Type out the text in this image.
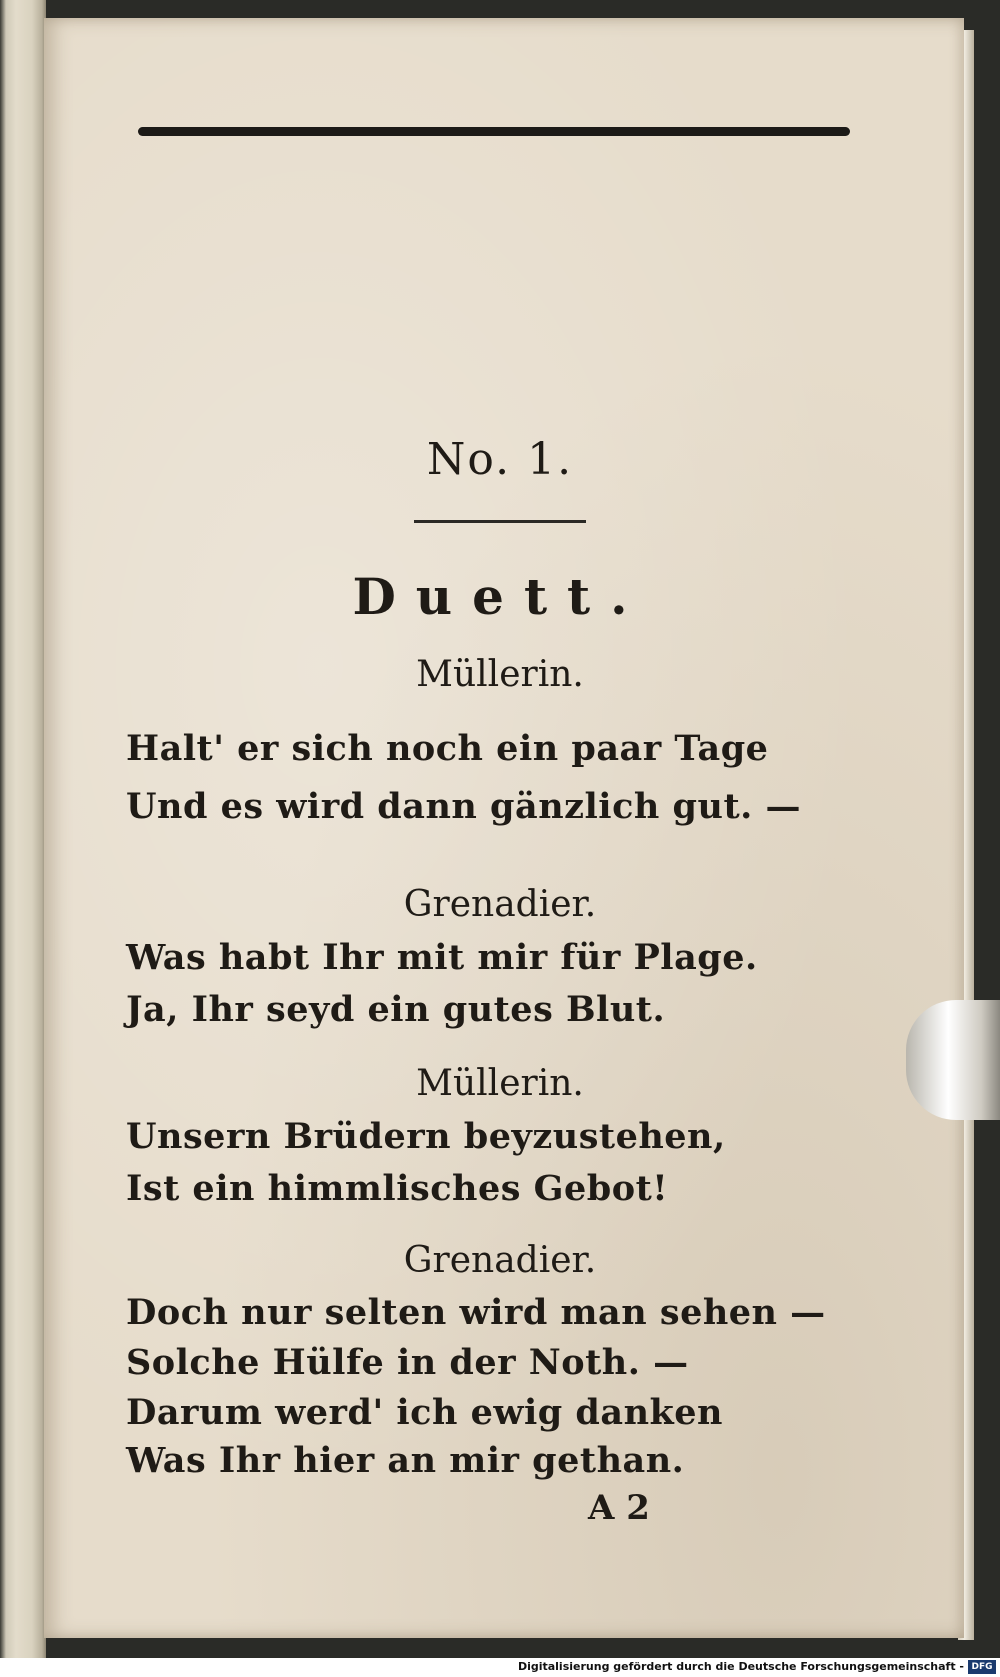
No. 1.
Duett.
Müllerin.
Halt' er sich noch ein paar Tage
Und es wird dann gänzlich gut. —
Grenadier.
Was habt Ihr mit mir für Plage.
Ja, Ihr seyd ein gutes Blut.
Müllerin.
Unsern Brüdern beyzustehen,
Ist ein himmlisches Gebot!
Grenadier.
Doch nur selten wird man sehen —
Solche Hülfe in der Noth. —
Darum werd' ich ewig danken
Was Ihr hier an mir gethan.
A 2
Digitalisierung gefördert durch die Deutsche Forschungsgemeinschaft - DFG
